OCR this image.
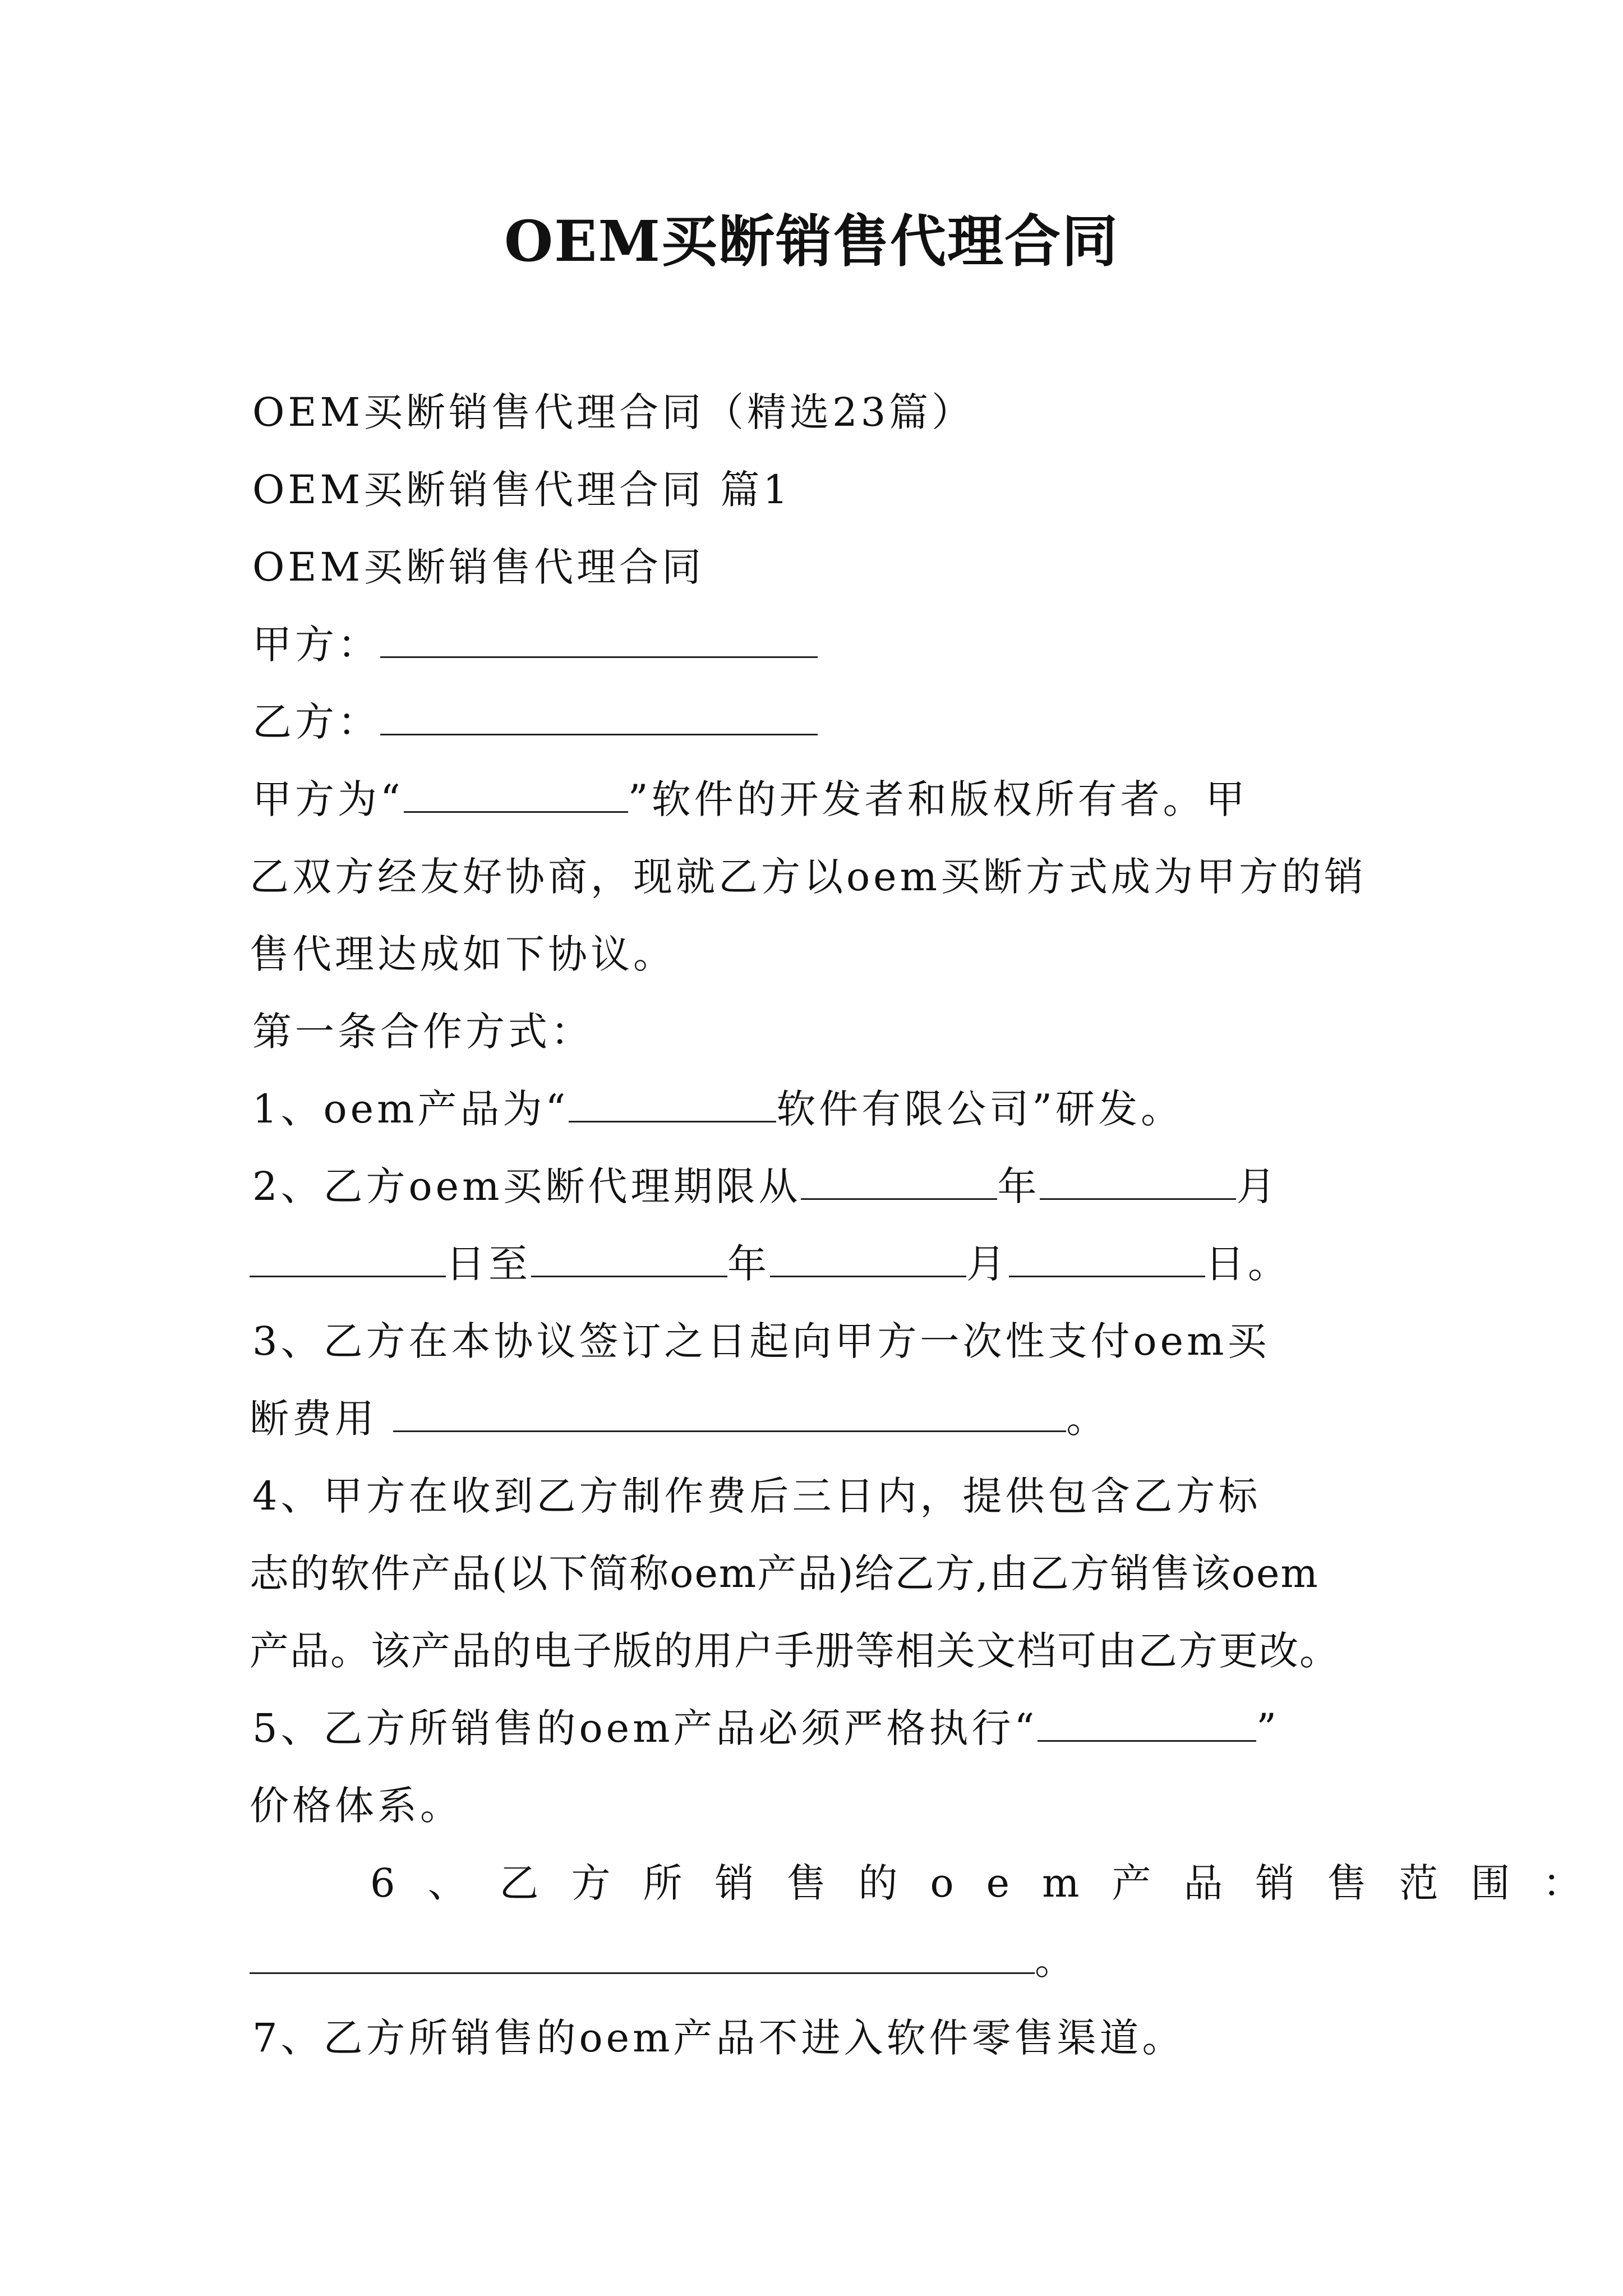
OEM买断销售代理合同
OEM买断销售代理合同（精选23篇）
OEM买断销售代理合同 篇1
OEM买断销售代理合同
甲方：
乙方：
甲方为“	”软件的开发者和版权所有者。甲
乙双方经友好协商，现就乙方以oem买断方式成为甲方的销
售代理达成如下协议。
第一条合作方式：
1、oem产品为“	软件有限公司”研发。
2、乙方oem买断代理期限从	年	月
日至	年	月	日。
3、乙方在本协议签订之日起向甲方一次性支付oem买
断费用	。
4、甲方在收到乙方制作费后三日内，提供包含乙方标
志的软件产品(以下简称oem产品)给乙方,由乙方销售该oem
产品。该产品的电子版的用户手册等相关文档可由乙方更改。
5、乙方所销售的oem产品必须严格执行“	”
价格体系。
6、乙方所销售的oem产品销售范围：
。
7、乙方所销售的oem产品不进入软件零售渠道。
